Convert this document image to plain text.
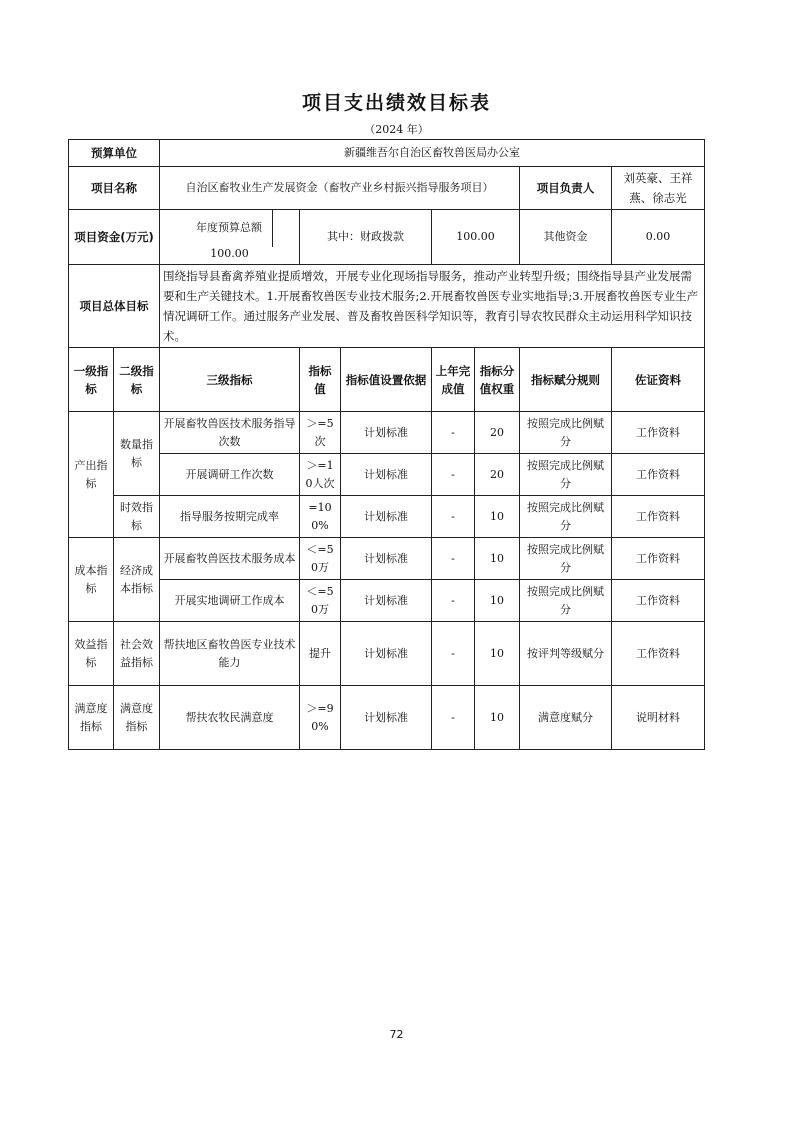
项目支出绩效目标表
（2024 年）
预算单位		新疆维吾尔自治区畜牧兽医局办公室						
项目名称		自治区畜牧业生产发展资金（畜牧产业乡村振兴指导服务项目）					项目负责人	刘英豪、王祥燕、徐志光
项目资金(万元)		年度预算总额100.00	其中：财政拨款		100.00		其他资金	0.00
项目总体目标		围绕指导县畜禽养殖业提质增效，开展专业化现场指导服务，推动产业转型升级；围绕指导县产业发展需要和生产关键技术。1.开展畜牧兽医专业技术服务;2.开展畜牧兽医专业实地指导;3.开展畜牧兽医专业生产情况调研工作。通过服务产业发展、普及畜牧兽医科学知识等，教育引导农牧民群众主动运用科学知识技术。						
一级指标	二级指标	三级指标	指标值	指标值设置依据	上年完成值	指标分值权重	指标赋分规则	佐证资料
产出指标	数量指标	开展畜牧兽医技术服务指导次数	＞=5次	计划标准	-	20	按照完成比例赋分	工作资料
		开展调研工作次数	＞=10人次	计划标准	-	20	按照完成比例赋分	工作资料
	时效指标	指导服务按期完成率	=100%	计划标准	-	10	按照完成比例赋分	工作资料
成本指标	经济成本指标	开展畜牧兽医技术服务成本	＜=50万	计划标准	-	10	按照完成比例赋分	工作资料
		开展实地调研工作成本	＜=50万	计划标准	-	10	按照完成比例赋分	工作资料
效益指标	社会效益指标	帮扶地区畜牧兽医专业技术能力	提升	计划标准	-	10	按评判等级赋分	工作资料
满意度指标	满意度指标	帮扶农牧民满意度	＞=90%	计划标准	-	10	满意度赋分	说明材料
72
